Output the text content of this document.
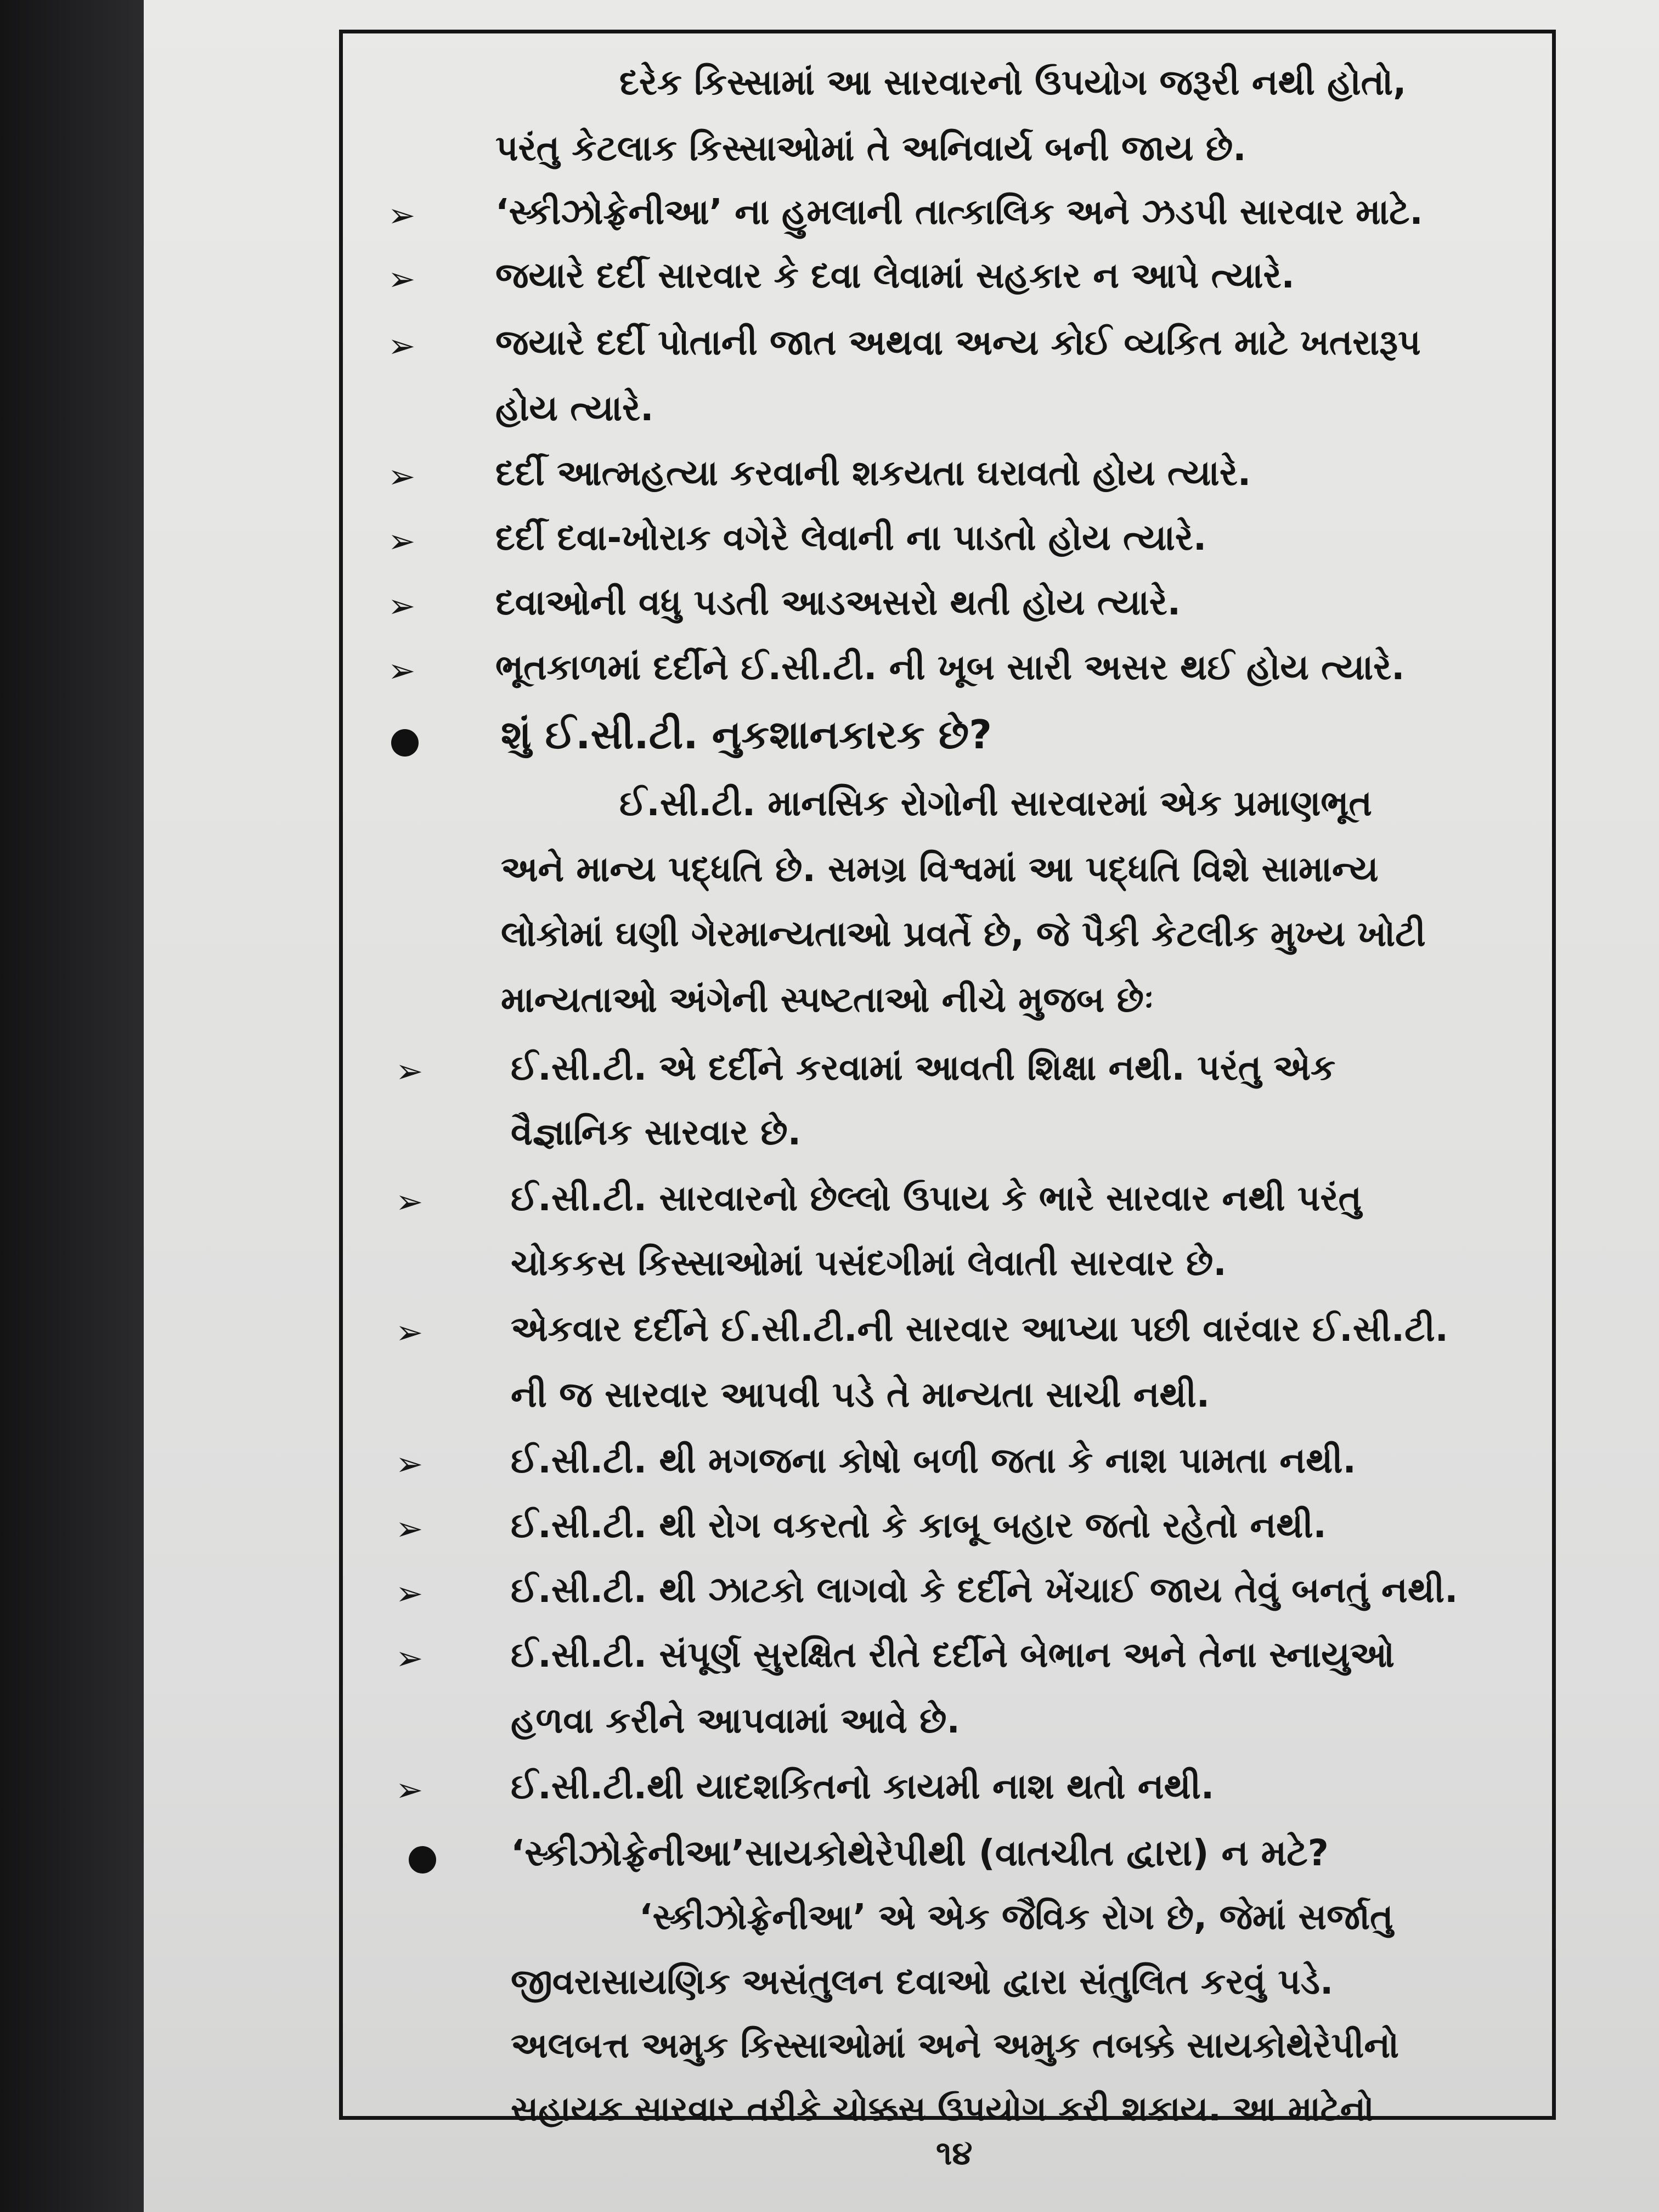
દરેક કિસ્સામાં આ સારવારનો ઉપયોગ જરૂરી નથી હોતો,
પરંતુ કેટલાક કિસ્સાઓમાં તે અનિવાર્ય બની જાય છે.
➢ ‘સ્કીઝોફ્રેનીઆ’ ના હુમલાની તાત્કાલિક અને ઝડપી સારવાર માટે.
➢ જયારે દર્દી સારવાર કે દવા લેવામાં સહકાર ન આપે ત્યારે.
➢ જયારે દર્દી પોતાની જાત અથવા અન્ય કોઈ વ્યકિત માટે ખતરારૂપ
હોય ત્યારે.
➢ દર્દી આત્મહત્યા કરવાની શકયતા ઘરાવતો હોય ત્યારે.
➢ દર્દી દવા-ખોરાક વગેરે લેવાની ના પાડતો હોય ત્યારે.
➢ દવાઓની વધુ પડતી આડઅસરો થતી હોય ત્યારે.
➢ ભૂતકાળમાં દર્દીને ઈ.સી.ટી. ની ખૂબ સારી અસર થઈ હોય ત્યારે.
શું ઈ.સી.ટી. નુકશાનકારક છે?
ઈ.સી.ટી. માનસિક રોગોની સારવારમાં એક પ્રમાણભૂત
અને માન્ય પદ્ધતિ છે. સમગ્ર વિશ્વમાં આ પદ્ધતિ વિશે સામાન્ય
લોકોમાં ઘણી ગેરમાન્યતાઓ પ્રવર્તે છે, જે પૈકી કેટલીક મુખ્ય ખોટી
માન્યતાઓ અંગેની સ્પષ્ટતાઓ નીચે મુજબ છેઃ
➢ ઈ.સી.ટી. એ દર્દીને કરવામાં આવતી શિક્ષા નથી. પરંતુ એક
વૈજ્ઞાનિક સારવાર છે.
➢ ઈ.સી.ટી. સારવારનો છેલ્લો ઉપાય કે ભારે સારવાર નથી પરંતુ
ચોકકસ કિસ્સાઓમાં પસંદગીમાં લેવાતી સારવાર છે.
➢ એકવાર દર્દીને ઈ.સી.ટી.ની સારવાર આપ્યા પછી વારંવાર ઈ.સી.ટી.
ની જ સારવાર આપવી પડે તે માન્યતા સાચી નથી.
➢ ઈ.સી.ટી. થી મગજના કોષો બળી જતા કે નાશ પામતા નથી.
➢ ઈ.સી.ટી. થી રોગ વકરતો કે કાબૂ બહાર જતો રહેતો નથી.
➢ ઈ.સી.ટી. થી ઝાટકો લાગવો કે દર્દીને ખેંચાઈ જાય તેવું બનતું નથી.
➢ ઈ.સી.ટી. સંપૂર્ણ સુરક્ષિત રીતે દર્દીને બેભાન અને તેના સ્નાયુઓ
હળવા કરીને આપવામાં આવે છે.
➢ ઈ.સી.ટી.થી યાદશકિતનો કાયમી નાશ થતો નથી.
‘સ્કીઝોફ્રેનીઆ’સાયકોથેરેપીથી (વાતચીત દ્વારા) ન મટે?
‘સ્કીઝોફ્રેનીઆ’ એ એક જૈવિક રોગ છે, જેમાં સર્જાતુ
જીવરાસાયણિક અસંતુલન દવાઓ દ્વારા સંતુલિત કરવું પડે.
અલબત્ત અમુક કિસ્સાઓમાં અને અમુક તબક્કે સાયકોથેરેપીનો
સહાયક સારવાર તરીકે ચોક્કસ ઉપયોગ કરી શકાય. આ માટેનો
૧૪
